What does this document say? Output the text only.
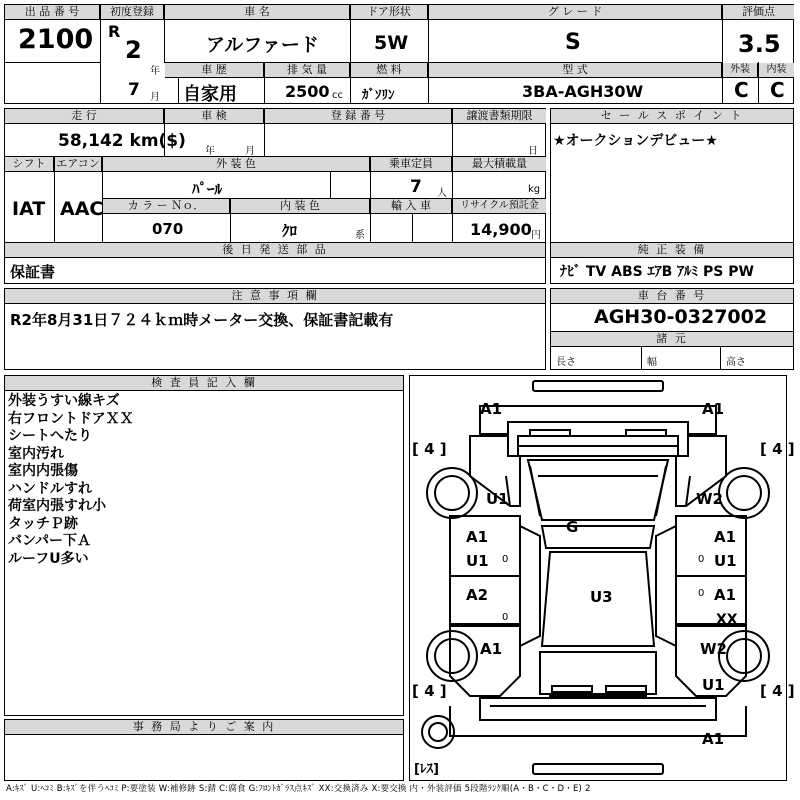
出 品 番 号
2100
初度登録
R
2
年
7 月
車 名
アルファード
ドア形状
5W
グ レ ー ド
S
評価点
3.5
車 歴
自家用
排 気 量
2500 cc
燃 料
ｶﾞｿﾘﾝ
型 式
3BA-AGH30W
外装	内装
C C
走 行
58,142 km($)
車 検
年	月
登 録 番 号	譲渡書類期限
日
シフト
IAT
エアコン
AAC
外 装 色
ﾊﾟｰﾙ
乗車定員
7 人
最大積載量
kg
カ ラ ー Ｎｏ．
070
内 装 色
ｸﾛ	系
輸 入 車	リサイクル預託金
14,900 円
後 日 発 送 部 品
保証書
セ ー ル ス ポ イ ン ト
★オークションデビュー★
純 正 装 備
ﾅﾋﾞ TV ABS ｴｱB ｱﾙﾐ PS PW
注 意 事 項 欄
R2年8月31日７２４ｋｍ時メーター交換、保証書記載有
車 台 番 号
AGH30-0327002
諸 元
長さ	幅	高さ
検 査 員 記 入 欄
外装うすい線キズ
右フロントドアＸＸ
シートへたり
室内汚れ
室内内張傷
ハンドルすれ
荷室内張すれ小
タッチＰ跡
バンパー下Ａ
ルーフU多い
事 務 局 よ り ご 案 内
A1	A1
[ 4 ]	[ 4 ]
U1	W2
G
A1
U1 0
A1
U1
0
A2
0
U3	A1
0
XX
A1	W2
U1
[ 4 ]	[ 4 ]
A1
[ﾚｽ]
A:ｷｽﾞ U:ﾍｺﾐ B:ｷｽﾞを伴うﾍｺﾐ P:要塗装 W:補修跡 S:錆 C:腐食 G:ﾌﾛﾝﾄｶﾞﾗｽ点ｷｽﾞ XX:交換済み X:要交換 内・外装評価 5段階ﾗﾝｸ順(A・B・C・D・E) 2
